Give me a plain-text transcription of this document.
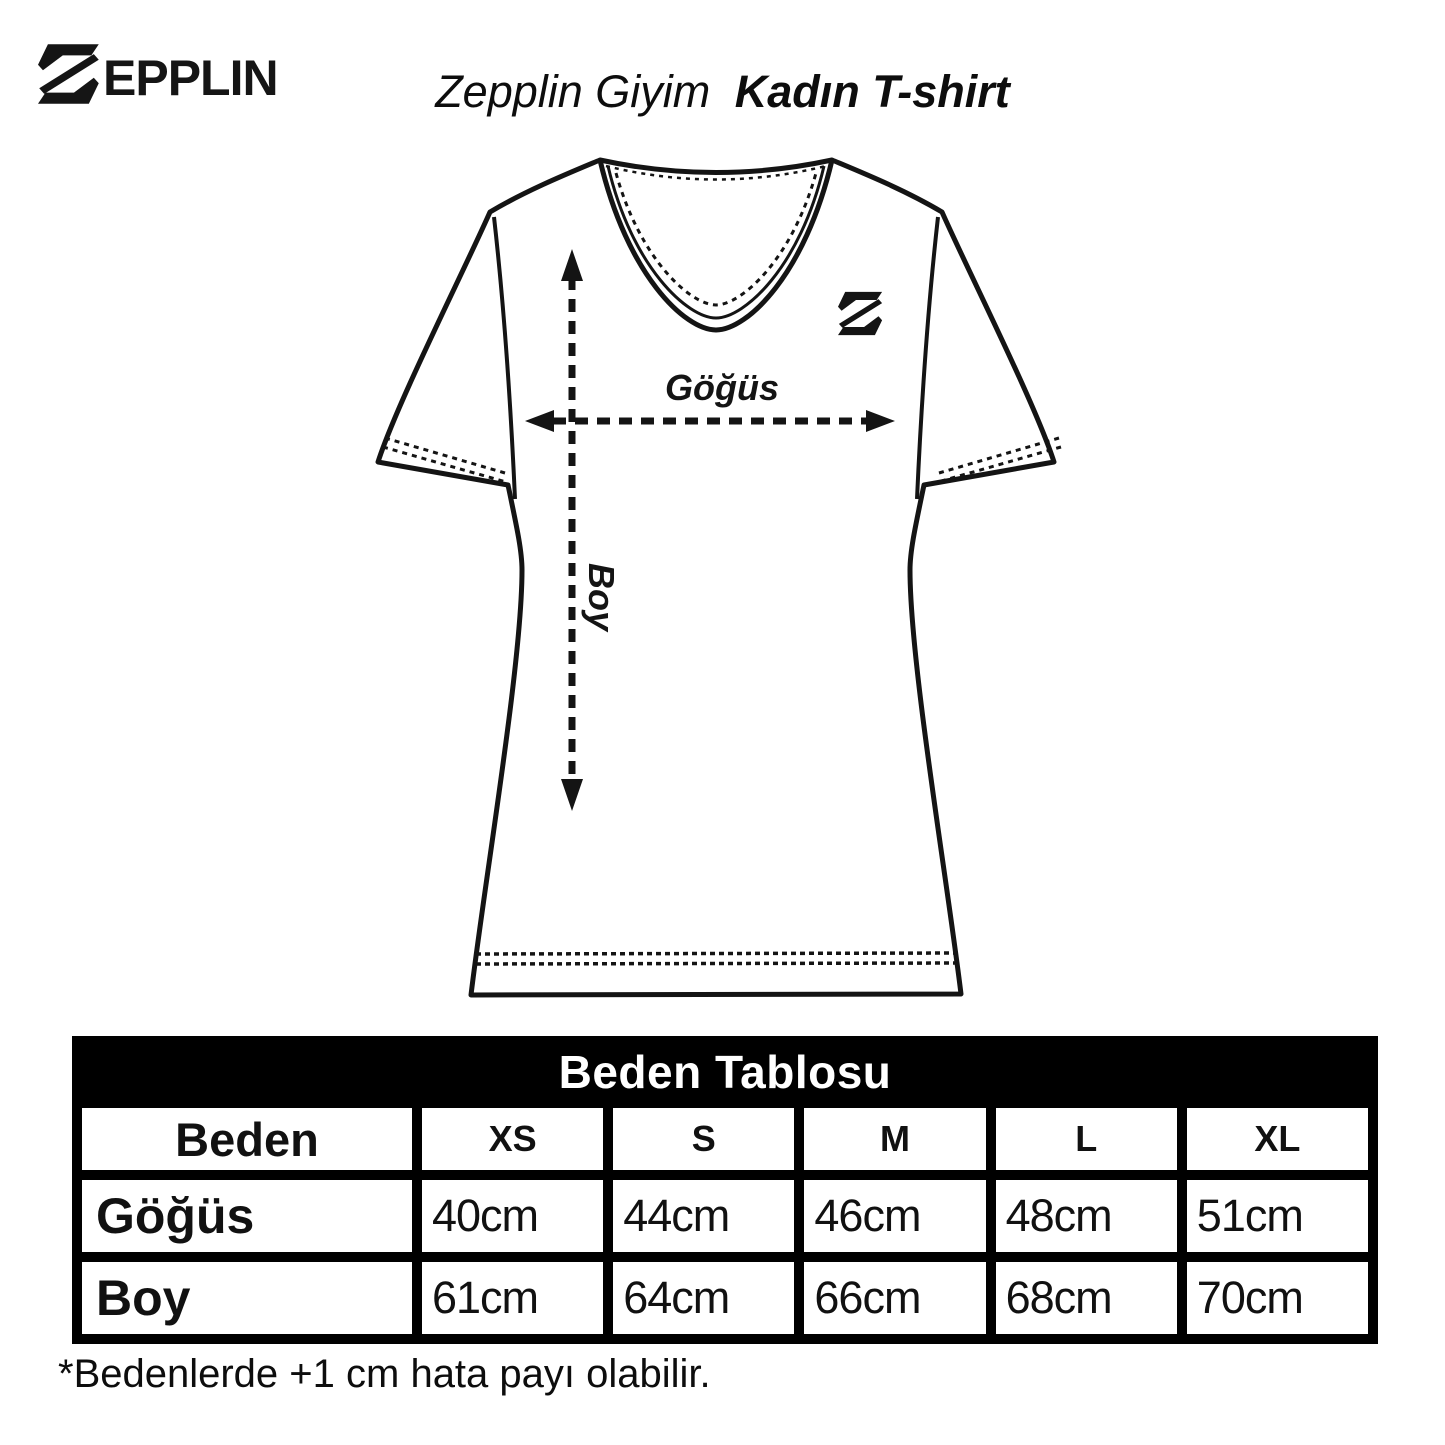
EPPLIN	Zepplin Giyim Kadın T-shirt
Göğüs
Boy
Beden Tablosu
Beden	XS	S	M	L	XL
Göğüs	40cm	44cm	46cm	48cm	51cm
Boy	61cm	64cm	66cm	68cm	70cm
*Bedenlerde +1 cm hata payı olabilir.
